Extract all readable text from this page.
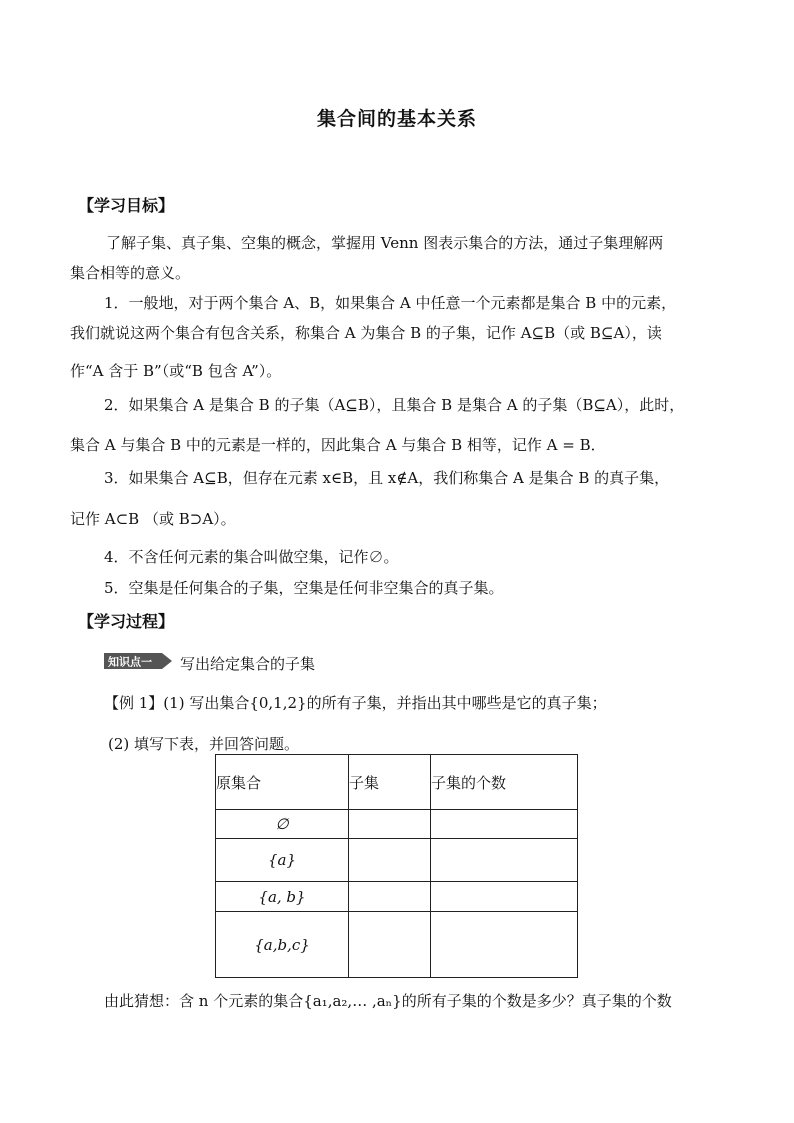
集合间的基本关系
【学习目标】
了解子集、真子集、空集的概念，掌握用 Venn 图表示集合的方法，通过子集理解两
集合相等的意义。
1．一般地，对于两个集合 A、B，如果集合 A 中任意一个元素都是集合 B 中的元素，
我们就说这两个集合有包含关系，称集合 A 为集合 B 的子集，记作 A⊆B（或 B⊆A），读
作“A 含于 B”（或“B 包含 A”）。
2．如果集合 A 是集合 B 的子集（A⊆B），且集合 B 是集合 A 的子集（B⊆A），此时，
集合 A 与集合 B 中的元素是一样的，因此集合 A 与集合 B 相等，记作 A = B．
3．如果集合 A⊆B，但存在元素 x∈B，且 x∉A，我们称集合 A 是集合 B 的真子集，
记作 A⊂B （或 B⊃A）。
4．不含任何元素的集合叫做空集，记作∅。
5．空集是任何集合的子集，空集是任何非空集合的真子集。
【学习过程】
知识点一 写出给定集合的子集
【例 1】(1) 写出集合{0,1,2}的所有子集，并指出其中哪些是它的真子集；
(2) 填写下表，并回答问题。
原集合	子集	子集的个数
∅		
{a}		
{a, b}		
{a,b,c}		
由此猜想：含 n 个元素的集合{a₁,a₂,… ,aₙ}的所有子集的个数是多少？真子集的个数
